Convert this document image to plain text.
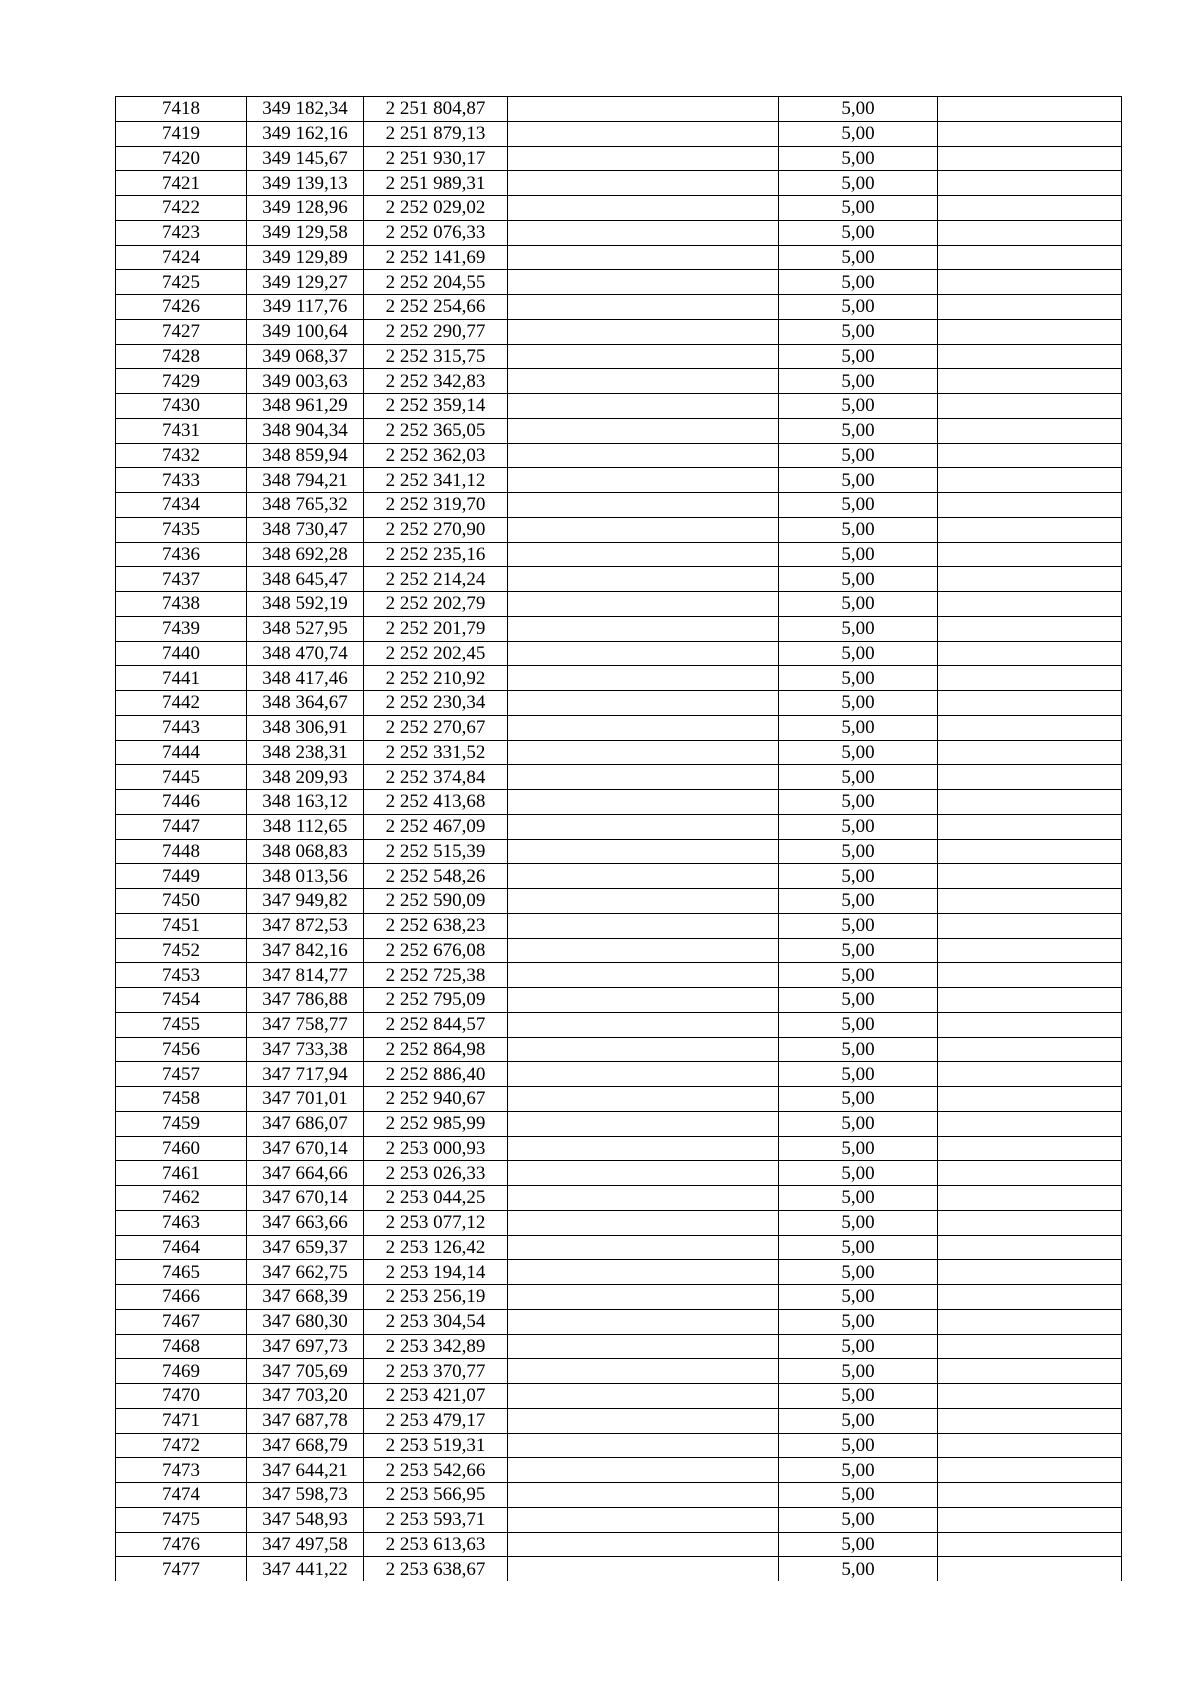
7418	349 182,34	2 251 804,87		5,00	
7419	349 162,16	2 251 879,13		5,00	
7420	349 145,67	2 251 930,17		5,00	
7421	349 139,13	2 251 989,31		5,00	
7422	349 128,96	2 252 029,02		5,00	
7423	349 129,58	2 252 076,33		5,00	
7424	349 129,89	2 252 141,69		5,00	
7425	349 129,27	2 252 204,55		5,00	
7426	349 117,76	2 252 254,66		5,00	
7427	349 100,64	2 252 290,77		5,00	
7428	349 068,37	2 252 315,75		5,00	
7429	349 003,63	2 252 342,83		5,00	
7430	348 961,29	2 252 359,14		5,00	
7431	348 904,34	2 252 365,05		5,00	
7432	348 859,94	2 252 362,03		5,00	
7433	348 794,21	2 252 341,12		5,00	
7434	348 765,32	2 252 319,70		5,00	
7435	348 730,47	2 252 270,90		5,00	
7436	348 692,28	2 252 235,16		5,00	
7437	348 645,47	2 252 214,24		5,00	
7438	348 592,19	2 252 202,79		5,00	
7439	348 527,95	2 252 201,79		5,00	
7440	348 470,74	2 252 202,45		5,00	
7441	348 417,46	2 252 210,92		5,00	
7442	348 364,67	2 252 230,34		5,00	
7443	348 306,91	2 252 270,67		5,00	
7444	348 238,31	2 252 331,52		5,00	
7445	348 209,93	2 252 374,84		5,00	
7446	348 163,12	2 252 413,68		5,00	
7447	348 112,65	2 252 467,09		5,00	
7448	348 068,83	2 252 515,39		5,00	
7449	348 013,56	2 252 548,26		5,00	
7450	347 949,82	2 252 590,09		5,00	
7451	347 872,53	2 252 638,23		5,00	
7452	347 842,16	2 252 676,08		5,00	
7453	347 814,77	2 252 725,38		5,00	
7454	347 786,88	2 252 795,09		5,00	
7455	347 758,77	2 252 844,57		5,00	
7456	347 733,38	2 252 864,98		5,00	
7457	347 717,94	2 252 886,40		5,00	
7458	347 701,01	2 252 940,67		5,00	
7459	347 686,07	2 252 985,99		5,00	
7460	347 670,14	2 253 000,93		5,00	
7461	347 664,66	2 253 026,33		5,00	
7462	347 670,14	2 253 044,25		5,00	
7463	347 663,66	2 253 077,12		5,00	
7464	347 659,37	2 253 126,42		5,00	
7465	347 662,75	2 253 194,14		5,00	
7466	347 668,39	2 253 256,19		5,00	
7467	347 680,30	2 253 304,54		5,00	
7468	347 697,73	2 253 342,89		5,00	
7469	347 705,69	2 253 370,77		5,00	
7470	347 703,20	2 253 421,07		5,00	
7471	347 687,78	2 253 479,17		5,00	
7472	347 668,79	2 253 519,31		5,00	
7473	347 644,21	2 253 542,66		5,00	
7474	347 598,73	2 253 566,95		5,00	
7475	347 548,93	2 253 593,71		5,00	
7476	347 497,58	2 253 613,63		5,00	
7477	347 441,22	2 253 638,67		5,00	
